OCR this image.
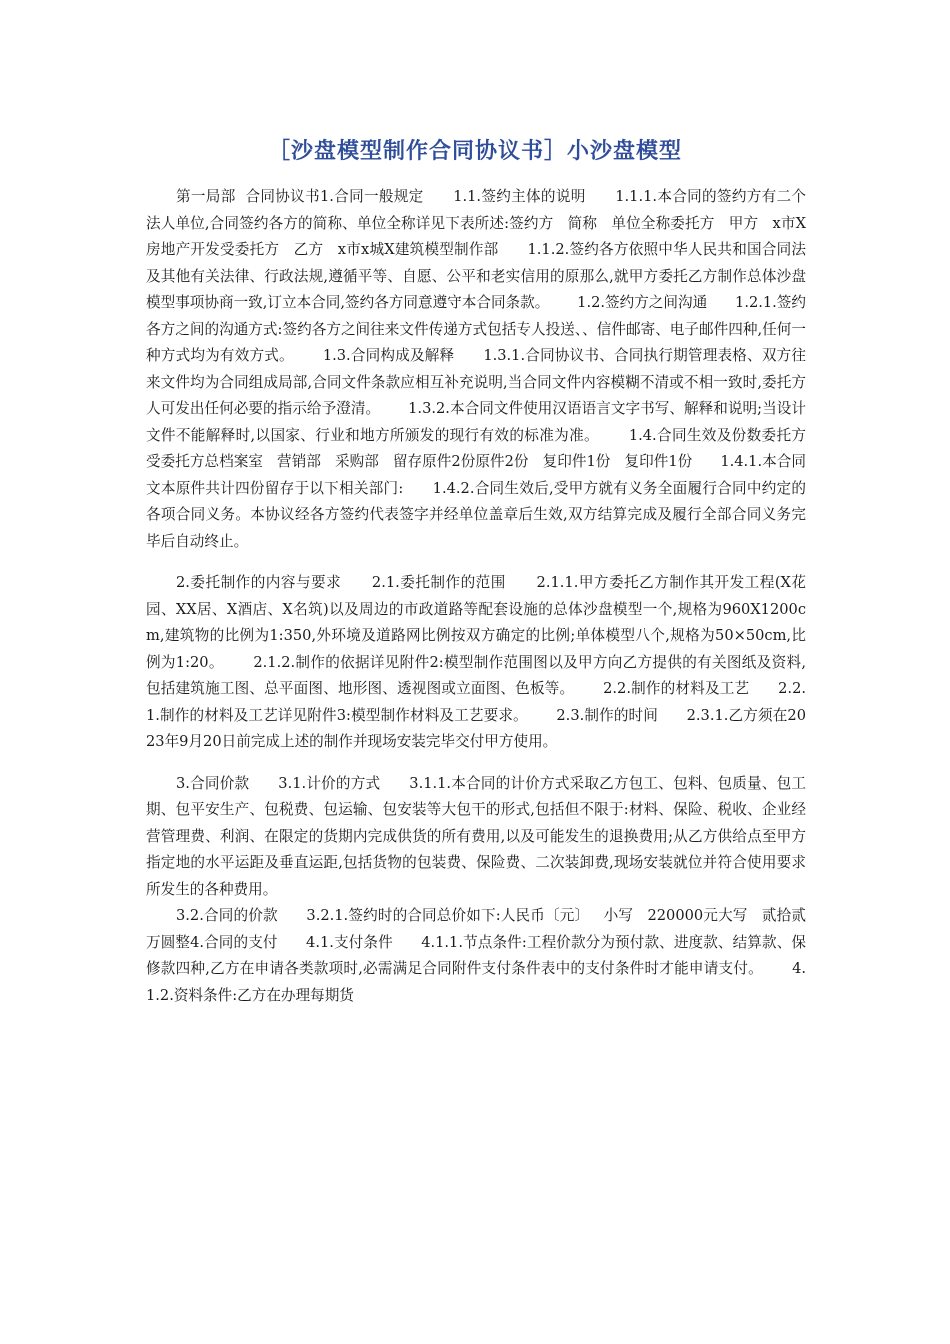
［沙盘模型制作合同协议书］小沙盘模型

第一局部  合同协议书1.合同一般规定      1.1.签约主体的说明      1.1.1.本合同的签约方有二个法人单位,合同签约各方的简称、单位全称详见下表所述:签约方   简称   单位全称委托方   甲方   x市X房地产开发受委托方   乙方   x市x城X建筑模型制作部      1.1.2.签约各方依照中华人民共和国合同法及其他有关法律、行政法规,遵循平等、自愿、公平和老实信用的原那么,就甲方委托乙方制作总体沙盘模型事项协商一致,订立本合同,签约各方同意遵守本合同条款。      1.2.签约方之间沟通      1.2.1.签约各方之间的沟通方式:签约各方之间往来文件传递方式包括专人投送、、信件邮寄、电子邮件四种,任何一种方式均为有效方式。      1.3.合同构成及解释      1.3.1.合同协议书、合同执行期管理表格、双方往来文件均为合同组成局部,合同文件条款应相互补充说明,当合同文件内容模糊不清或不相一致时,委托方人可发出任何必要的指示给予澄清。      1.3.2.本合同文件使用汉语语言文字书写、解释和说明;当设计文件不能解释时,以国家、行业和地方所颁发的现行有效的标准为准。      1.4.合同生效及份数委托方   受委托方总档案室   营销部   采购部   留存原件2份原件2份   复印件1份   复印件1份      1.4.1.本合同文本原件共计四份留存于以下相关部门:      1.4.2.合同生效后,受甲方就有义务全面履行合同中约定的各项合同义务。本协议经各方签约代表签字并经单位盖章后生效,双方结算完成及履行全部合同义务完毕后自动终止。

2.委托制作的内容与要求      2.1.委托制作的范围      2.1.1.甲方委托乙方制作其开发工程(X花园、XX居、X酒店、X名筑)以及周边的市政道路等配套设施的总体沙盘模型一个,规格为960X1200cm,建筑物的比例为1:350,外环境及道路网比例按双方确定的比例;单体模型八个,规格为50×50cm,比例为1:20。      2.1.2.制作的依据详见附件2:模型制作范围图以及甲方向乙方提供的有关图纸及资料,包括建筑施工图、总平面图、地形图、透视图或立面图、色板等。      2.2.制作的材料及工艺      2.2.1.制作的材料及工艺详见附件3:模型制作材料及工艺要求。      2.3.制作的时间      2.3.1.乙方须在2023年9月20日前完成上述的制作并现场安装完毕交付甲方使用。

3.合同价款      3.1.计价的方式      3.1.1.本合同的计价方式采取乙方包工、包料、包质量、包工期、包平安生产、包税费、包运输、包安装等大包干的形式,包括但不限于:材料、保险、税收、企业经营管理费、利润、在限定的货期内完成供货的所有费用,以及可能发生的退换费用;从乙方供给点至甲方指定地的水平运距及垂直运距,包括货物的包装费、保险费、二次装卸费,现场安装就位并符合使用要求所发生的各种费用。

3.2.合同的价款      3.2.1.签约时的合同总价如下:人民币〔元〕   小写   220000元大写   贰拾贰万圆整4.合同的支付      4.1.支付条件      4.1.1.节点条件:工程价款分为预付款、进度款、结算款、保修款四种,乙方在申请各类款项时,必需满足合同附件支付条件表中的支付条件时才能申请支付。      4.1.2.资料条件:乙方在办理每期货
